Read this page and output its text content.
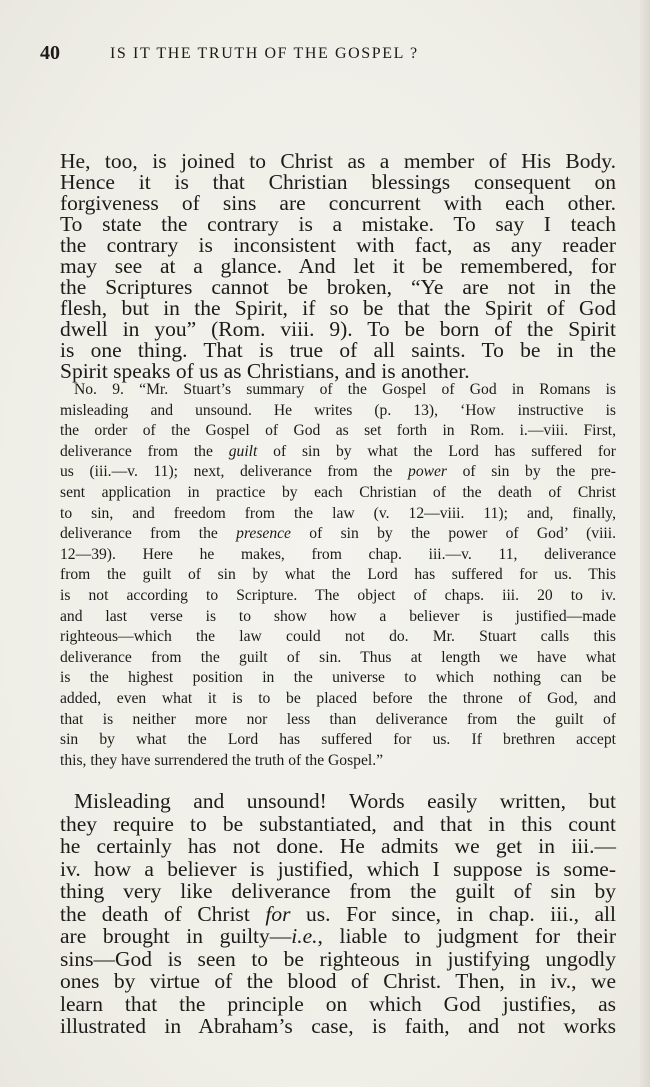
40	IS IT THE TRUTH OF THE GOSPEL ?
He, too, is joined to Christ as a member of His Body.
Hence it is that Christian blessings consequent on
forgiveness of sins are concurrent with each other.
To state the contrary is a mistake. To say I teach
the contrary is inconsistent with fact, as any reader
may see at a glance. And let it be remembered, for
the Scriptures cannot be broken, “Ye are not in the
flesh, but in the Spirit, if so be that the Spirit of God
dwell in you” (Rom. viii. 9). To be born of the Spirit
is one thing. That is true of all saints. To be in the
Spirit speaks of us as Christians, and is another.
No. 9. “Mr. Stuart’s summary of the Gospel of God in Romans is
misleading and unsound. He writes (p. 13), ‘How instructive is
the order of the Gospel of God as set forth in Rom. i.—viii. First,
deliverance from the guilt of sin by what the Lord has suffered for
us (iii.—v. 11); next, deliverance from the power of sin by the pre-
sent application in practice by each Christian of the death of Christ
to sin, and freedom from the law (v. 12—viii. 11); and, finally,
deliverance from the presence of sin by the power of God’ (viii.
12—39). Here he makes, from chap. iii.—v. 11, deliverance
from the guilt of sin by what the Lord has suffered for us. This
is not according to Scripture. The object of chaps. iii. 20 to iv.
and last verse is to show how a believer is justified—made
righteous—which the law could not do. Mr. Stuart calls this
deliverance from the guilt of sin. Thus at length we have what
is the highest position in the universe to which nothing can be
added, even what it is to be placed before the throne of God, and
that is neither more nor less than deliverance from the guilt of
sin by what the Lord has suffered for us. If brethren accept
this, they have surrendered the truth of the Gospel.”
Misleading and unsound! Words easily written, but
they require to be substantiated, and that in this count
he certainly has not done. He admits we get in iii.—
iv. how a believer is justified, which I suppose is some-
thing very like deliverance from the guilt of sin by
the death of Christ for us. For since, in chap. iii., all
are brought in guilty—i.e., liable to judgment for their
sins—God is seen to be righteous in justifying ungodly
ones by virtue of the blood of Christ. Then, in iv., we
learn that the principle on which God justifies, as
illustrated in Abraham’s case, is faith, and not works
